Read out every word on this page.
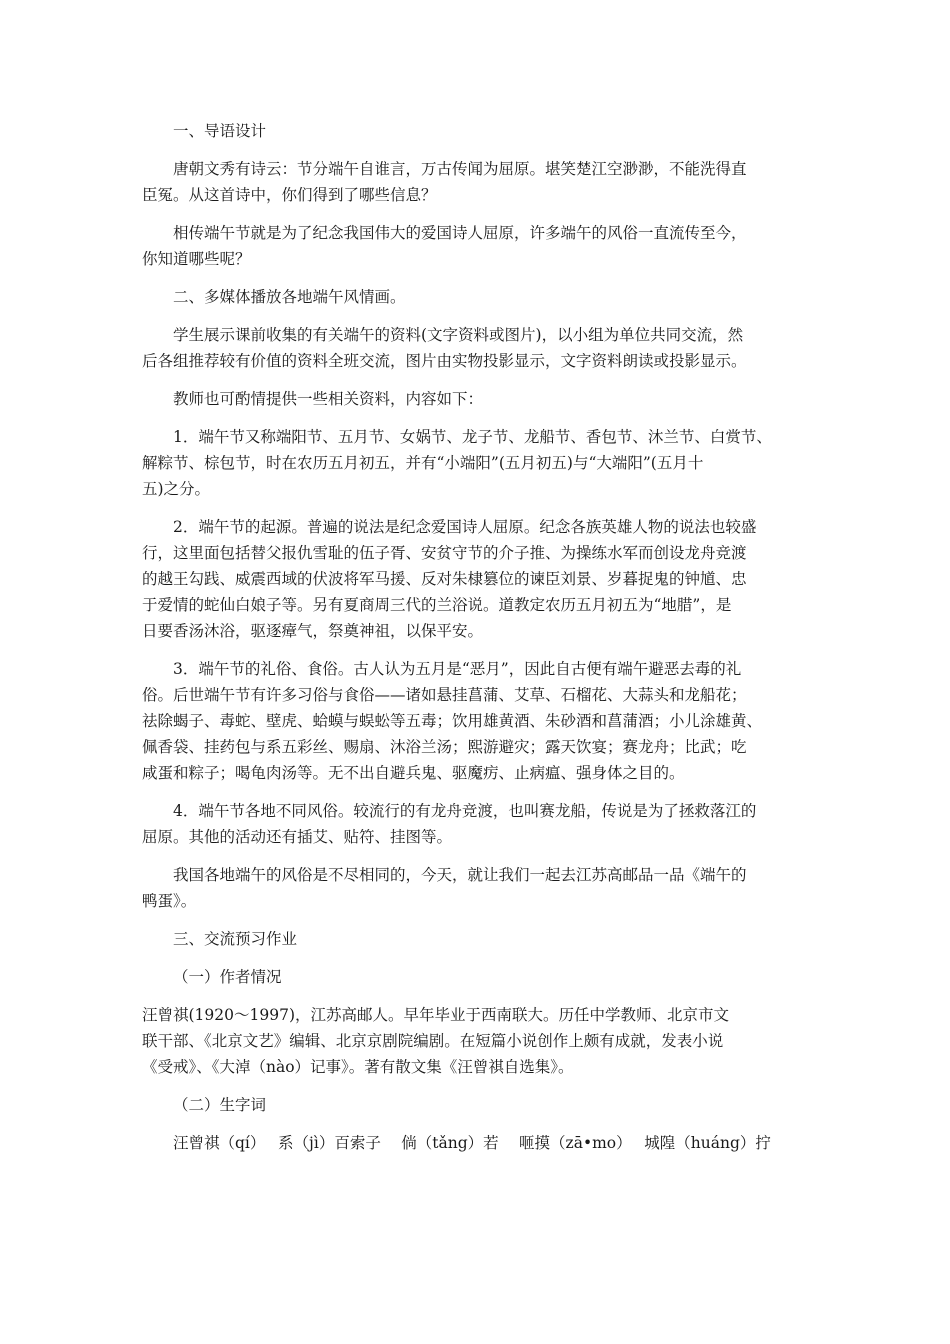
一、导语设计
唐朝文秀有诗云：节分端午自谁言，万古传闻为屈原。堪笑楚江空渺渺，不能洗得直
臣冤。从这首诗中，你们得到了哪些信息？
相传端午节就是为了纪念我国伟大的爱国诗人屈原，许多端午的风俗一直流传至今，
你知道哪些呢？
二、多媒体播放各地端午风情画。
学生展示课前收集的有关端午的资料(文字资料或图片)，以小组为单位共同交流，然
后各组推荐较有价值的资料全班交流，图片由实物投影显示，文字资料朗读或投影显示。
教师也可酌情提供一些相关资料，内容如下：
1．端午节又称端阳节、五月节、女娲节、龙子节、龙船节、香包节、沐兰节、白赏节、
解粽节、棕包节，时在农历五月初五，并有“小端阳”(五月初五)与“大端阳”(五月十
五)之分。
2．端午节的起源。普遍的说法是纪念爱国诗人屈原。纪念各族英雄人物的说法也较盛
行，这里面包括替父报仇雪耻的伍子胥、安贫守节的介子推、为操练水军而创设龙舟竞渡
的越王勾践、威震西域的伏波将军马援、反对朱棣篡位的谏臣刘景、岁暮捉鬼的钟馗、忠
于爱情的蛇仙白娘子等。另有夏商周三代的兰浴说。道教定农历五月初五为“地腊”，是
日要香汤沐浴，驱逐瘴气，祭奠神祖，以保平安。
3．端午节的礼俗、食俗。古人认为五月是“恶月”，因此自古便有端午避恶去毒的礼
俗。后世端午节有许多习俗与食俗——诸如悬挂菖蒲、艾草、石榴花、大蒜头和龙船花；
祛除蝎子、毒蛇、壁虎、蛤蟆与蜈蚣等五毒；饮用雄黄酒、朱砂酒和菖蒲酒；小儿涂雄黄、
佩香袋、挂药包与系五彩丝、赐扇、沐浴兰汤；熙游避灾；露天饮宴；赛龙舟；比武；吃
咸蛋和粽子；喝龟肉汤等。无不出自避兵鬼、驱魔疠、止病瘟、强身体之目的。
4．端午节各地不同风俗。较流行的有龙舟竞渡，也叫赛龙船，传说是为了拯救落江的
屈原。其他的活动还有插艾、贴符、挂图等。
我国各地端午的风俗是不尽相同的，今天，就让我们一起去江苏高邮品一品《端午的
鸭蛋》。
三、交流预习作业
（一）作者情况
汪曾祺(1920～1997)，江苏高邮人。早年毕业于西南联大。历任中学教师、北京市文
联干部、《北京文艺》编辑、北京京剧院编剧。在短篇小说创作上颇有成就，发表小说
《受戒》、《大淖（nào）记事》。著有散文集《汪曾祺自选集》。
（二）生字词
汪曾祺（qí）　 系（jì）百索子　 倘（tǎng）若　 咂摸（zā•mo）　 城隍（huáng）拧
